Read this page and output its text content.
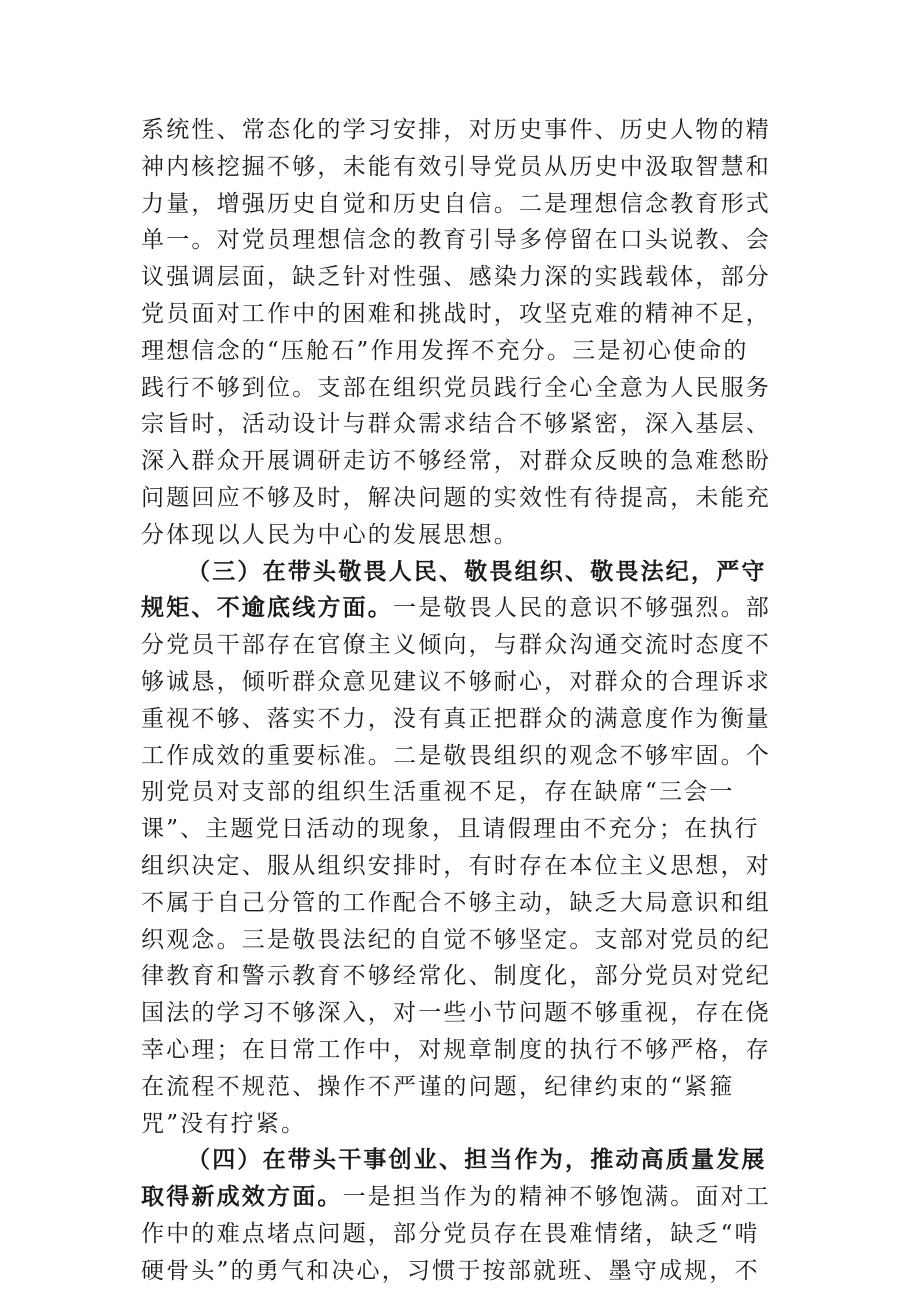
系统性、常态化的学习安排，对历史事件、历史人物的精
神内核挖掘不够，未能有效引导党员从历史中汲取智慧和
力量，增强历史自觉和历史自信。二是理想信念教育形式
单一。对党员理想信念的教育引导多停留在口头说教、会
议强调层面，缺乏针对性强、感染力深的实践载体，部分
党员面对工作中的困难和挑战时，攻坚克难的精神不足，
理想信念的“压舱石”作用发挥不充分。三是初心使命的
践行不够到位。支部在组织党员践行全心全意为人民服务
宗旨时，活动设计与群众需求结合不够紧密，深入基层、
深入群众开展调研走访不够经常，对群众反映的急难愁盼
问题回应不够及时，解决问题的实效性有待提高，未能充
分体现以人民为中心的发展思想。
（三）在带头敬畏人民、敬畏组织、敬畏法纪，严守
规矩、不逾底线方面。一是敬畏人民的意识不够强烈。部
分党员干部存在官僚主义倾向，与群众沟通交流时态度不
够诚恳，倾听群众意见建议不够耐心，对群众的合理诉求
重视不够、落实不力，没有真正把群众的满意度作为衡量
工作成效的重要标准。二是敬畏组织的观念不够牢固。个
别党员对支部的组织生活重视不足，存在缺席“三会一
课”、主题党日活动的现象，且请假理由不充分；在执行
组织决定、服从组织安排时，有时存在本位主义思想，对
不属于自己分管的工作配合不够主动，缺乏大局意识和组
织观念。三是敬畏法纪的自觉不够坚定。支部对党员的纪
律教育和警示教育不够经常化、制度化，部分党员对党纪
国法的学习不够深入，对一些小节问题不够重视，存在侥
幸心理；在日常工作中，对规章制度的执行不够严格，存
在流程不规范、操作不严谨的问题，纪律约束的“紧箍
咒”没有拧紧。
（四）在带头干事创业、担当作为，推动高质量发展
取得新成效方面。一是担当作为的精神不够饱满。面对工
作中的难点堵点问题，部分党员存在畏难情绪，缺乏“啃
硬骨头”的勇气和决心，习惯于按部就班、墨守成规，不
